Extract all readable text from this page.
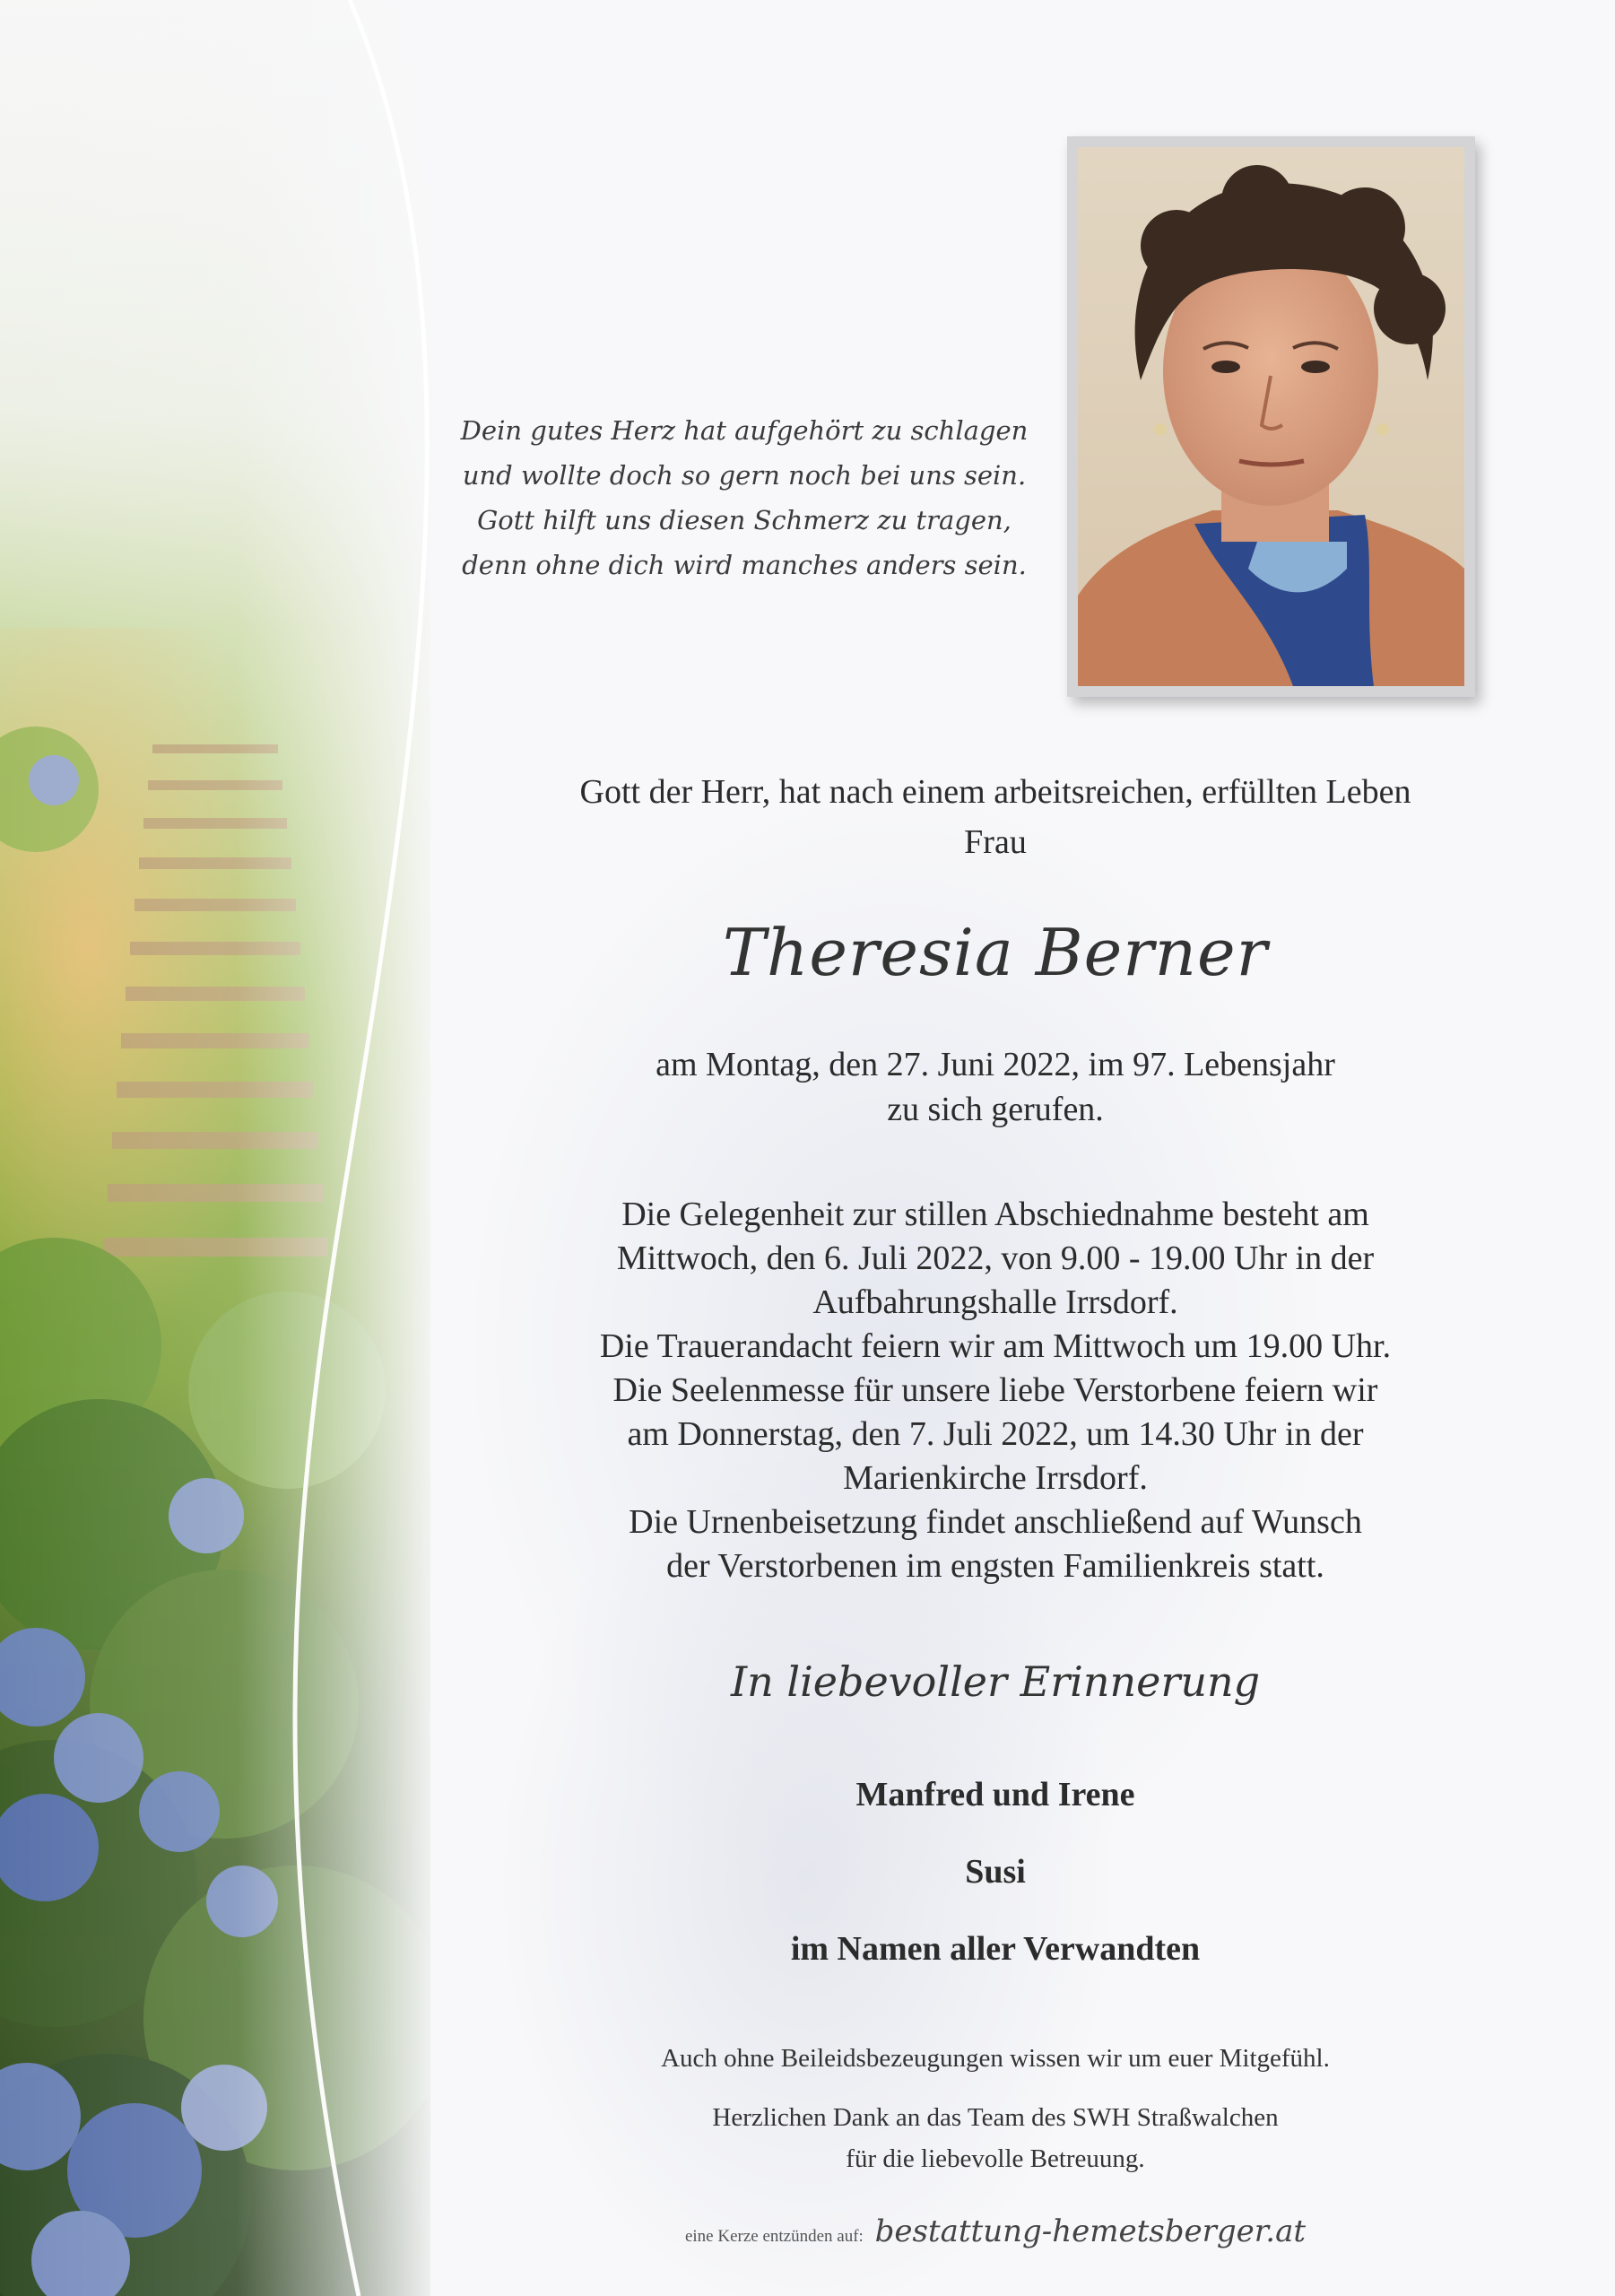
Dein gutes Herz hat aufgehört zu schlagen
und wollte doch so gern noch bei uns sein.
Gott hilft uns diesen Schmerz zu tragen,
denn ohne dich wird manches anders sein.
Gott der Herr, hat nach einem arbeitsreichen, erfüllten Leben
Frau
Theresia Berner
am Montag, den 27. Juni 2022, im 97. Lebensjahr
zu sich gerufen.
Die Gelegenheit zur stillen Abschiednahme besteht am
Mittwoch, den 6. Juli 2022, von 9.00 - 19.00 Uhr in der
Aufbahrungshalle Irrsdorf.
Die Trauerandacht feiern wir am Mittwoch um 19.00 Uhr.
Die Seelenmesse für unsere liebe Verstorbene feiern wir
am Donnerstag, den 7. Juli 2022, um 14.30 Uhr in der
Marienkirche Irrsdorf.
Die Urnenbeisetzung findet anschließend auf Wunsch
der Verstorbenen im engsten Familienkreis statt.
In liebevoller Erinnerung
Manfred und Irene
Susi
im Namen aller Verwandten
Auch ohne Beileidsbezeugungen wissen wir um euer Mitgefühl.
Herzlichen Dank an das Team des SWH Straßwalchen
für die liebevolle Betreuung.
eine Kerze entzünden auf: bestattung-hemetsberger.at
